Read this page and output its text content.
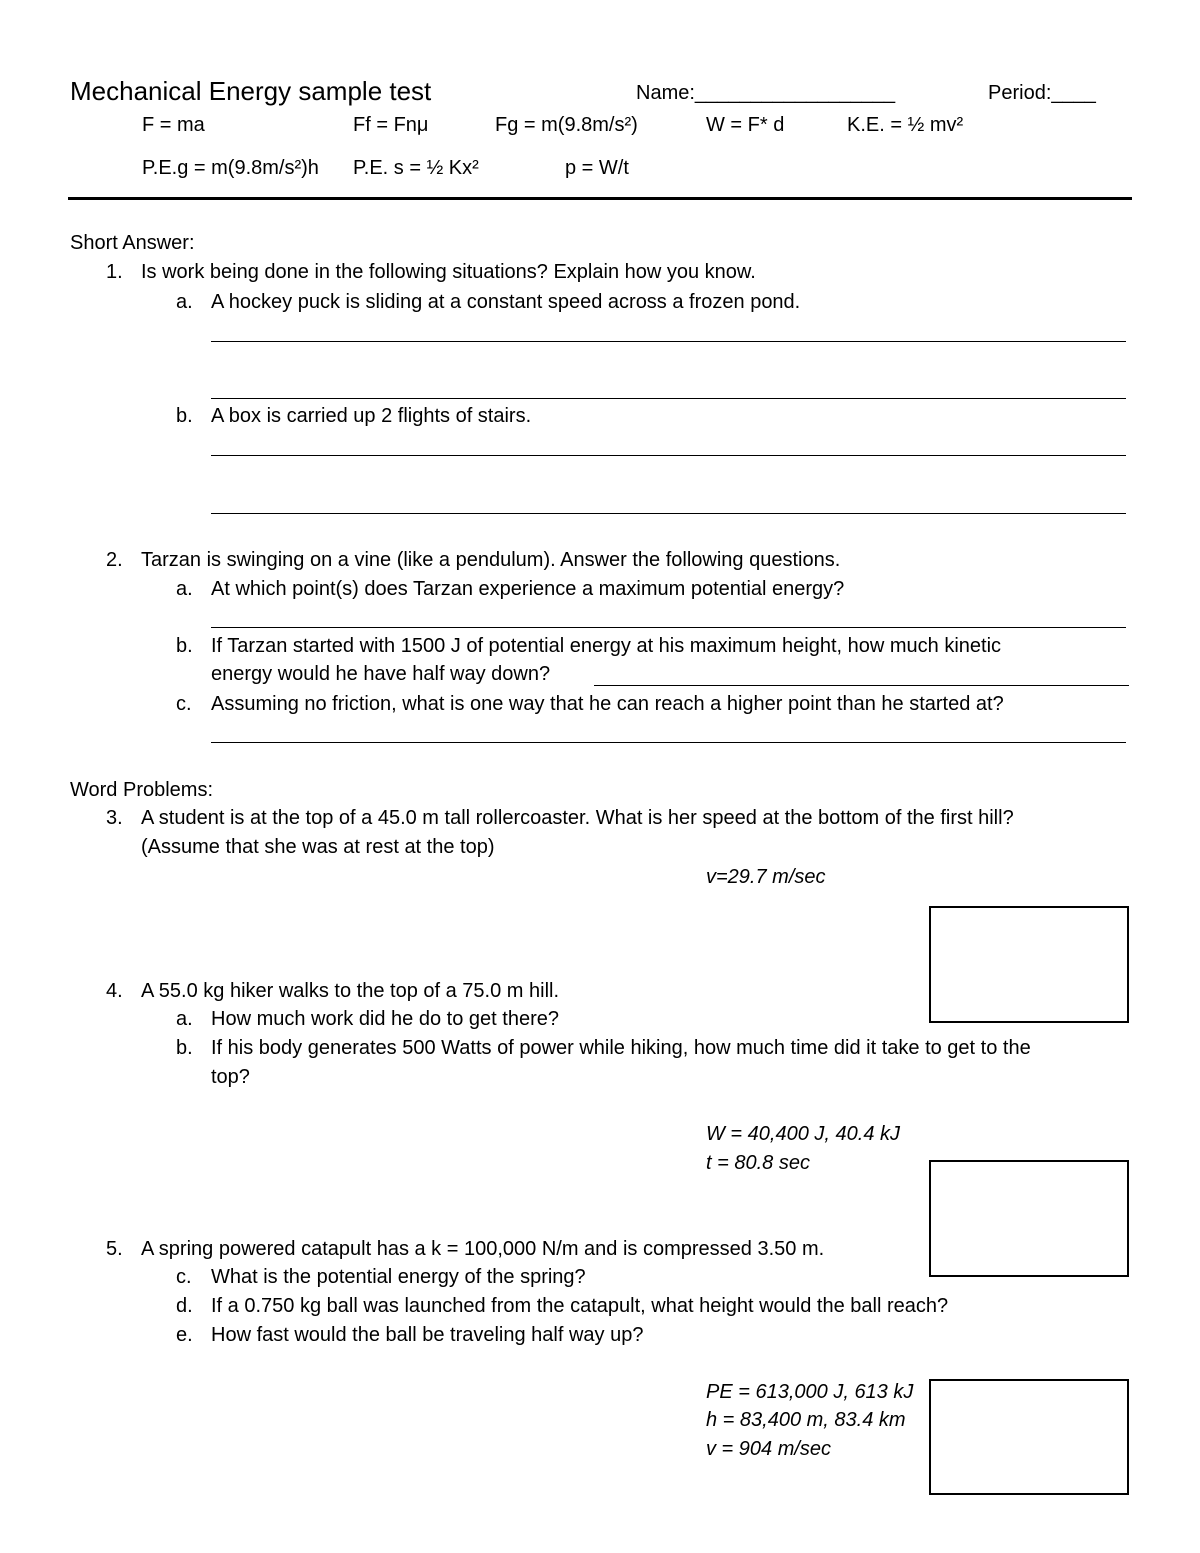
Mechanical Energy sample test	Name:__________________	Period:____
F = ma	Ff = Fnμ	Fg = m(9.8m/s²)	W = F* d	K.E. = ½ mv²
P.E.g = m(9.8m/s²)h P.E. s = ½ Kx²	p = W/t
Short Answer:
1. Is work being done in the following situations? Explain how you know.
a. A hockey puck is sliding at a constant speed across a frozen pond.
b. A box is carried up 2 flights of stairs.
2. Tarzan is swinging on a vine (like a pendulum). Answer the following questions.
a. At which point(s) does Tarzan experience a maximum potential energy?
b. If Tarzan started with 1500 J of potential energy at his maximum height, how much kinetic
energy would he have half way down?
c. Assuming no friction, what is one way that he can reach a higher point than he started at?
Word Problems:
3. A student is at the top of a 45.0 m tall rollercoaster. What is her speed at the bottom of the first hill?
(Assume that she was at rest at the top)
v=29.7 m/sec
4. A 55.0 kg hiker walks to the top of a 75.0 m hill.
a. How much work did he do to get there?
b. If his body generates 500 Watts of power while hiking, how much time did it take to get to the
top?
W = 40,400 J, 40.4 kJ
t = 80.8 sec
5. A spring powered catapult has a k = 100,000 N/m and is compressed 3.50 m.
c. What is the potential energy of the spring?
d. If a 0.750 kg ball was launched from the catapult, what height would the ball reach?
e. How fast would the ball be traveling half way up?
PE = 613,000 J, 613 kJ
h = 83,400 m, 83.4 km
v = 904 m/sec
